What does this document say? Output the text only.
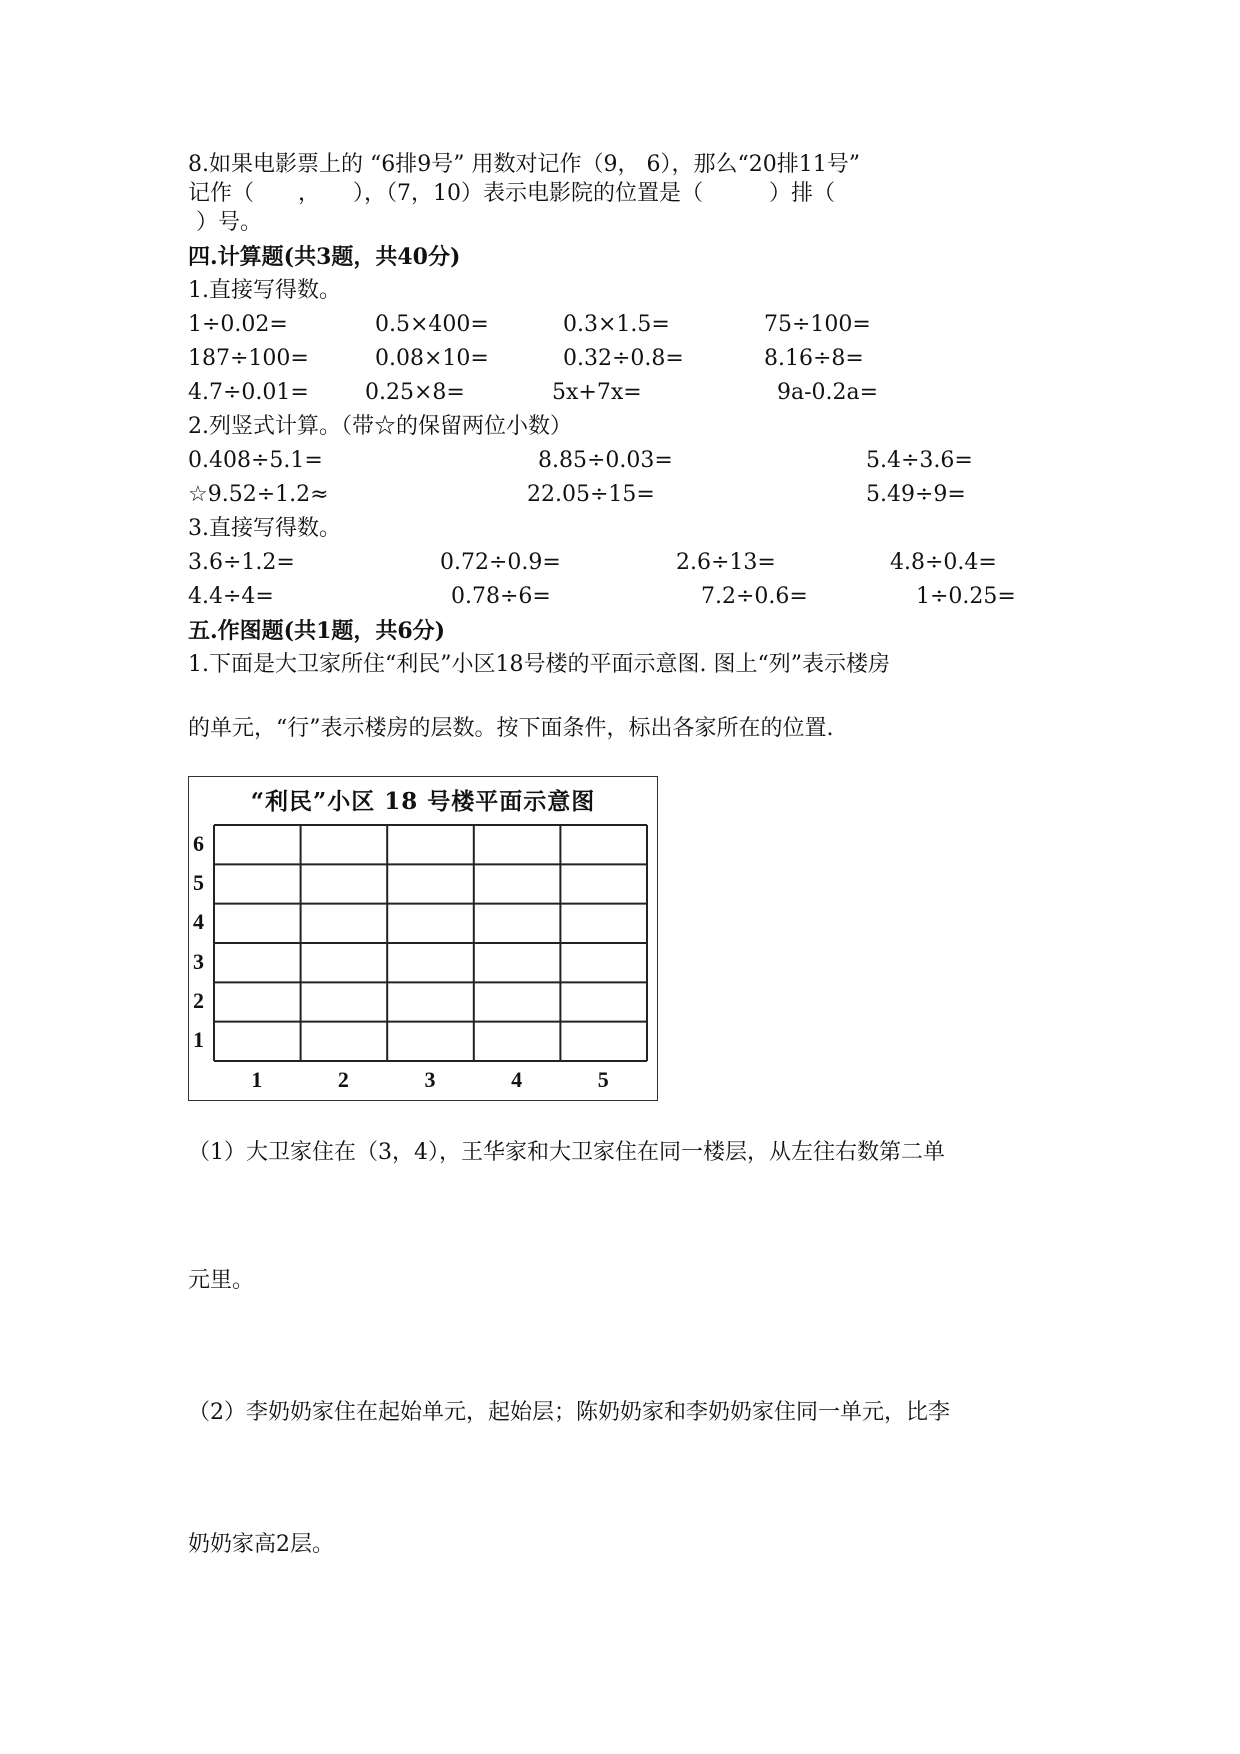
8.如果电影票上的 “6排9号” 用数对记作（9， 6），那么“20排11号”
记作（　　，　　），（7，10）表示电影院的位置是（　　　）排（
）号。
四.计算题(共3题，共40分)
1.直接写得数。
1÷0.02=	0.5×400=	0.3×1.5=	75÷100=
187÷100=	0.08×10=	0.32÷0.8=	8.16÷8=
4.7÷0.01=	0.25×8=	5x+7x=	9a-0.2a=
2.列竖式计算。（带☆的保留两位小数）
0.408÷5.1=	8.85÷0.03=	5.4÷3.6=
☆9.52÷1.2≈	22.05÷15=	5.49÷9=
3.直接写得数。
3.6÷1.2=	0.72÷0.9=	2.6÷13=	4.8÷0.4=
4.4÷4=	0.78÷6=	7.2÷0.6=	1÷0.25=
五.作图题(共1题，共6分)
1.下面是大卫家所住“利民”小区18号楼的平面示意图. 图上“列”表示楼房
的单元，“行”表示楼房的层数。按下面条件，标出各家所在的位置.
“利民”小区 18 号楼平面示意图
6
5
4
3
2
1
1	2	3	4	5
（1）大卫家住在（3，4），王华家和大卫家住在同一楼层，从左往右数第二单
元里。
（2）李奶奶家住在起始单元，起始层；陈奶奶家和李奶奶家住同一单元，比李
奶奶家高2层。
